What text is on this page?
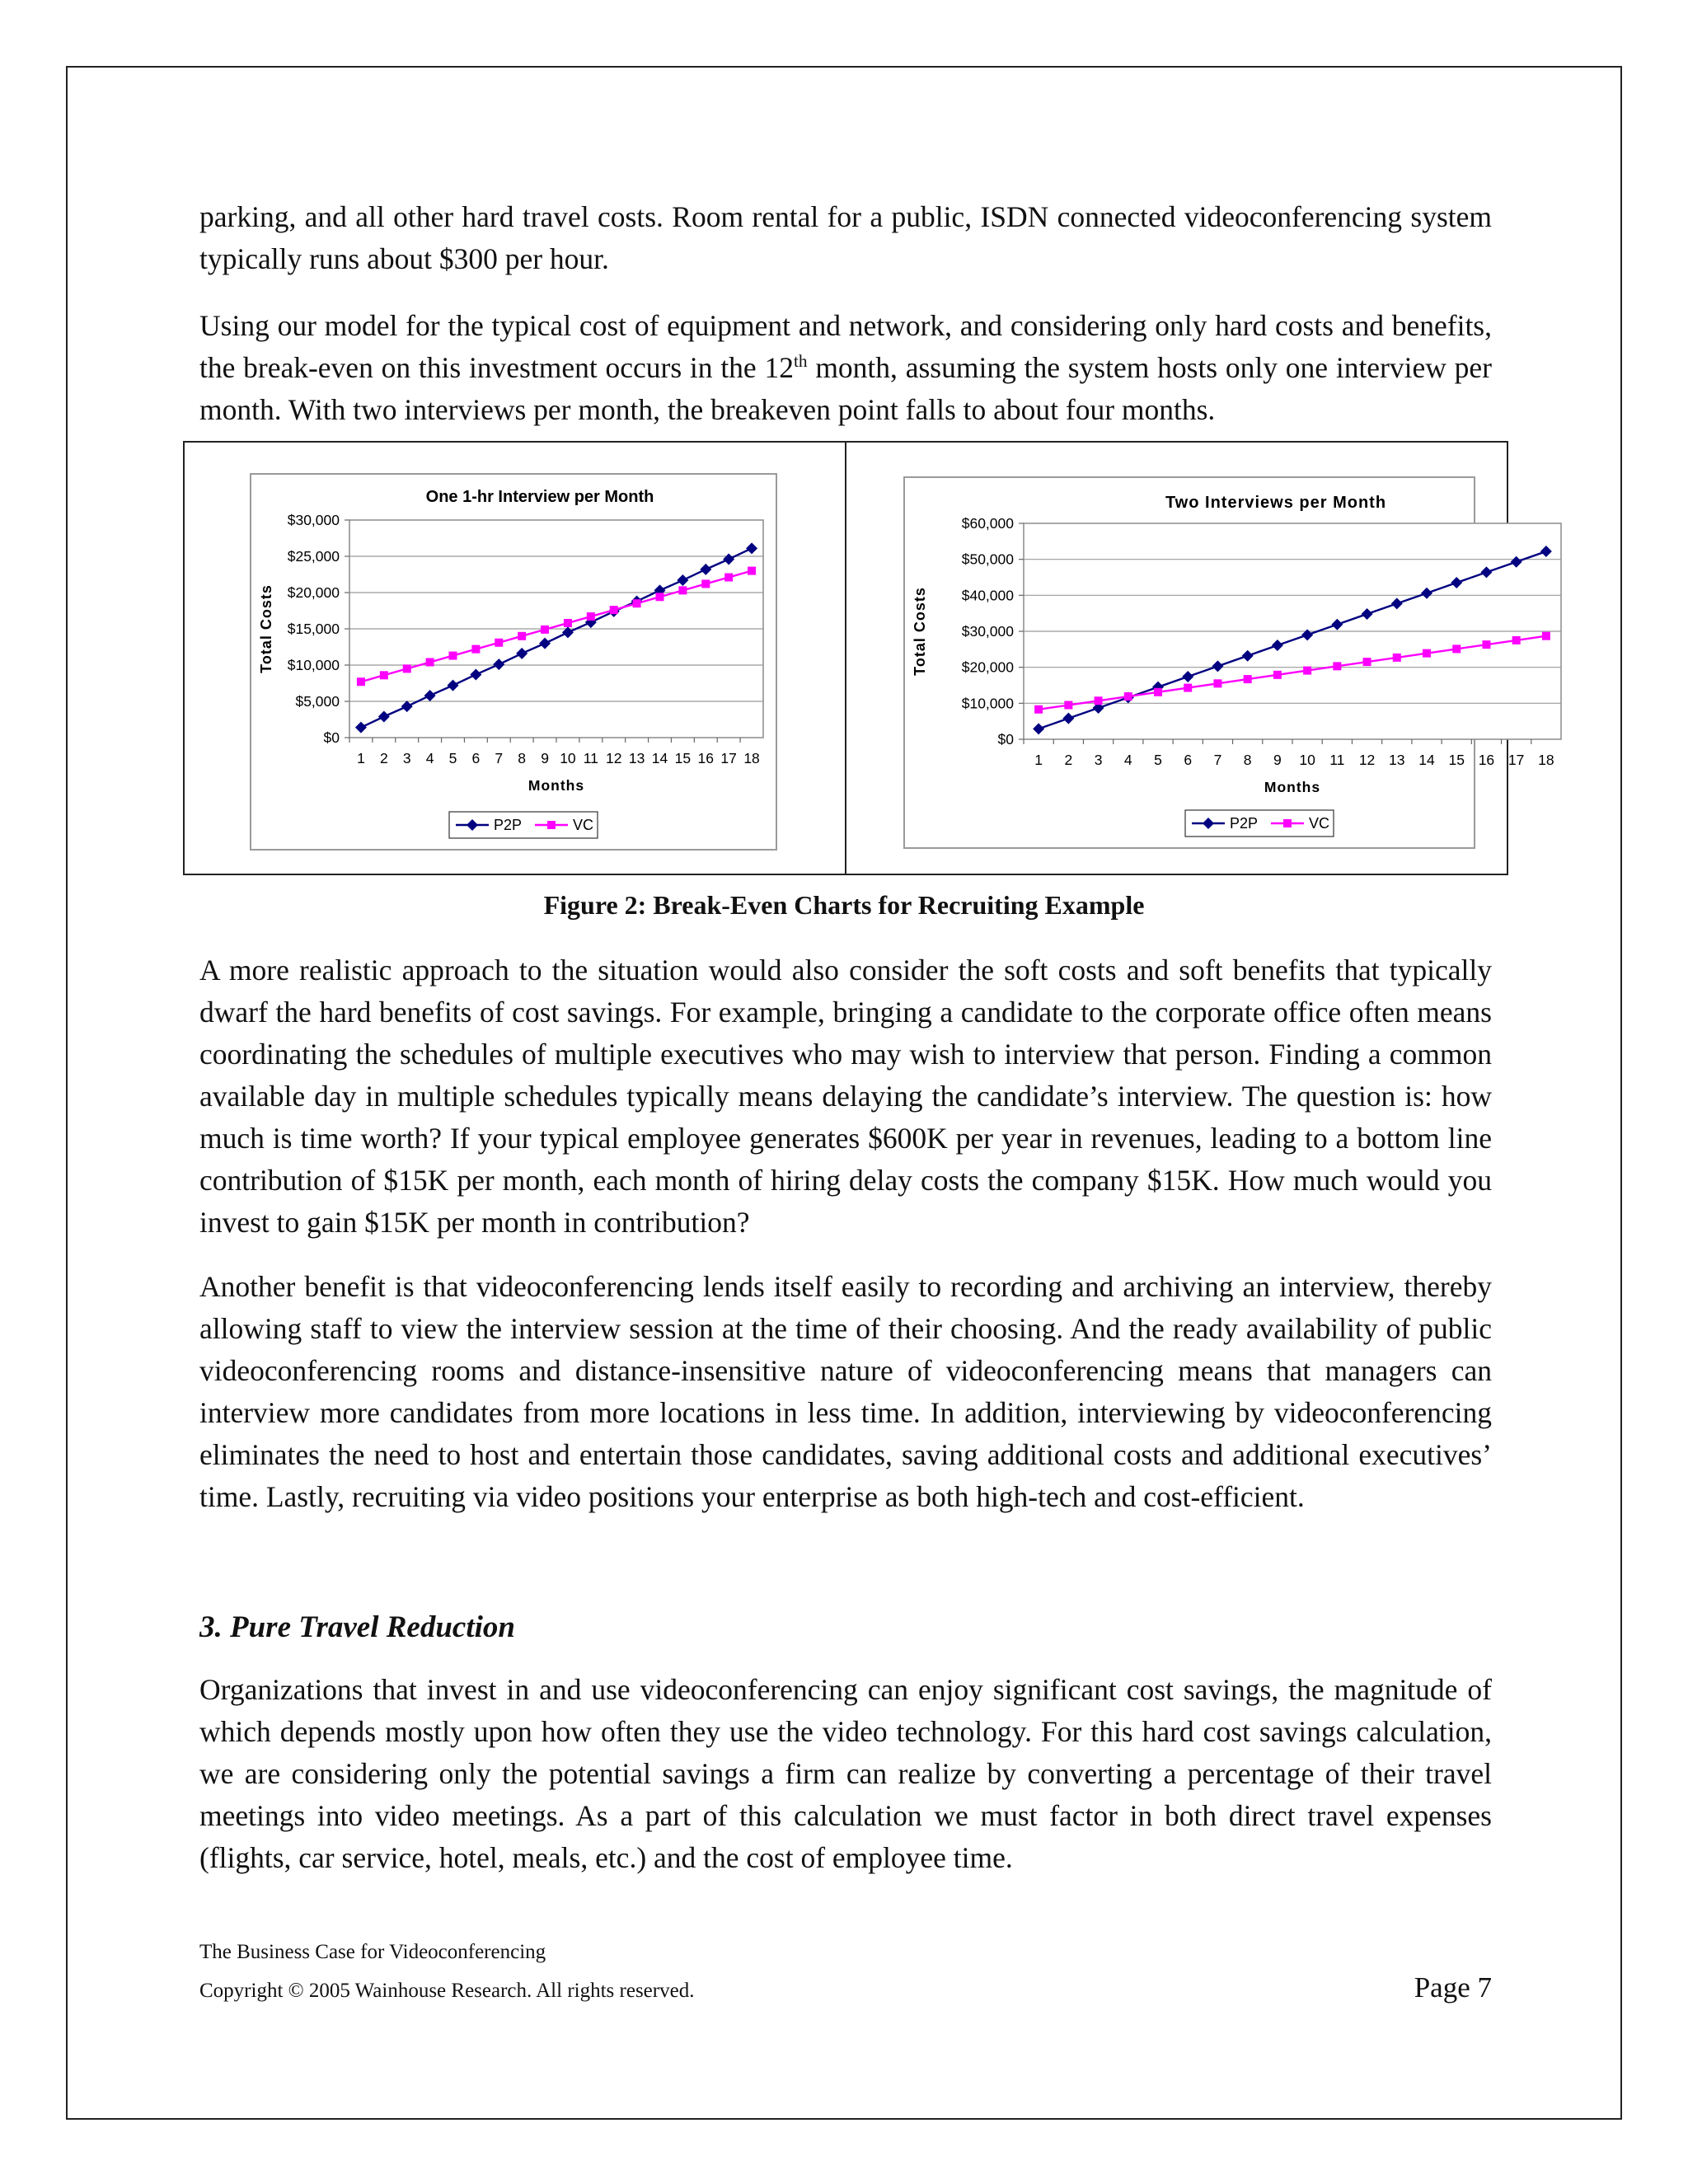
parking, and all other hard travel costs. Room rental for a public, ISDN connected videoconferencing system typically runs about $300 per hour.

Using our model for the typical cost of equipment and network, and considering only hard costs and benefits, the break-even on this investment occurs in the 12th month, assuming the system hosts only one interview per month. With two interviews per month, the breakeven point falls to about four months.

One 1-hr Interview per Month
$0
$5,000
$10,000
$15,000
$20,000
$25,000
$30,000
1 2 3 4 5 6 7 8 9 10 11 12 13 14 15 16 17 18
Months
Total Costs
P2P	VC
Two Interviews per Month
$0
$10,000
$20,000
$30,000
$40,000
$50,000
$60,000
1 2 3 4 5 6 7 8 9 10 11 12 13 14 15 16 17 18
Months
Total Costs
P2P	VC
Figure 2: Break-Even Charts for Recruiting Example

A more realistic approach to the situation would also consider the soft costs and soft benefits that typically dwarf the hard benefits of cost savings. For example, bringing a candidate to the corporate office often means coordinating the schedules of multiple executives who may wish to interview that person. Finding a common available day in multiple schedules typically means delaying the candidate’s interview. The question is: how much is time worth? If your typical employee generates $600K per year in revenues, leading to a bottom line contribution of $15K per month, each month of hiring delay costs the company $15K. How much would you invest to gain $15K per month in contribution?

Another benefit is that videoconferencing lends itself easily to recording and archiving an interview, thereby allowing staff to view the interview session at the time of their choosing. And the ready availability of public videoconferencing rooms and distance-insensitive nature of videoconferencing means that managers can interview more candidates from more locations in less time. In addition, interviewing by videoconferencing eliminates the need to host and entertain those candidates, saving additional costs and additional executives’ time. Lastly, recruiting via video positions your enterprise as both high-tech and cost-efficient.

3. Pure Travel Reduction

Organizations that invest in and use videoconferencing can enjoy significant cost savings, the magnitude of which depends mostly upon how often they use the video technology. For this hard cost savings calculation, we are considering only the potential savings a firm can realize by converting a percentage of their travel meetings into video meetings. As a part of this calculation we must factor in both direct travel expenses (flights, car service, hotel, meals, etc.) and the cost of employee time.

The Business Case for Videoconferencing
Copyright © 2005 Wainhouse Research. All rights reserved.	Page 7
